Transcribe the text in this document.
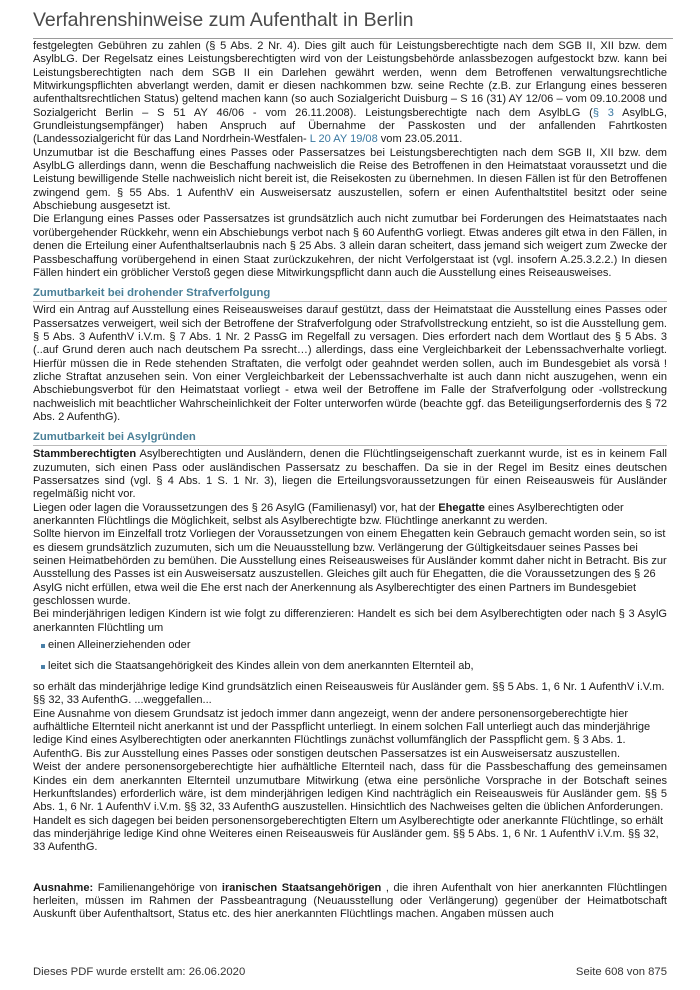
Verfahrenshinweise zum Aufenthalt in Berlin

festgelegten Gebühren zu zahlen (§ 5 Abs. 2 Nr. 4). Dies gilt auch für Leistungsberechtigte nach dem SGB II, XII bzw. dem AsylbLG. Der Regelsatz eines Leistungsberechtigten wird von der Leistungsbehörde anlassbezogen aufgestockt bzw. kann bei Leistungsberechtigten nach dem SGB II ein Darlehen gewährt werden, wenn dem Betroffenen verwaltungsrechtliche Mitwirkungspflichten abverlangt werden, damit er diesen nachkommen bzw. seine Rechte (z.B. zur Erlangung eines besseren aufenthaltsrechtlichen Status) geltend machen kann (so auch Sozialgericht Duisburg – S 16 (31) AY 12/06 – vom 09.10.2008 und Sozialgericht Berlin – S 51 AY 46/06 - vom 26.11.2008). Leistungsberechtigte nach dem AsylbLG (§ 3 AsylbLG, Grundleistungsempfänger) haben Anspruch auf Übernahme der Passkosten und der anfallenden Fahrtkosten (Landessozialgericht für das Land Nordrhein-Westfalen- L 20 AY 19/08 vom 23.05.2011.

Unzumutbar ist die Beschaffung eines Passes oder Passersatzes bei Leistungsberechtigten nach dem SGB II, XII bzw. dem AsylbLG allerdings dann, wenn die Beschaffung nachweislich die Reise des Betroffenen in den Heimatstaat voraussetzt und die Leistung bewilligende Stelle nachweislich nicht bereit ist, die Reisekosten zu übernehmen. In diesen Fällen ist für den Betroffenen zwingend gem. § 55 Abs. 1 AufenthV ein Ausweisersatz auszustellen, sofern er einen Aufenthaltstitel besitzt oder seine Abschiebung ausgesetzt ist.

Die Erlangung eines Passes oder Passersatzes ist grundsätzlich auch nicht zumutbar bei Forderungen des Heimatstaates nach vorübergehender Rückkehr, wenn ein Abschiebungs verbot nach § 60 AufenthG vorliegt. Etwas anderes gilt etwa in den Fällen, in denen die Erteilung einer Aufenthaltserlaubnis nach § 25 Abs. 3 allein daran scheitert, dass jemand sich weigert zum Zwecke der Passbeschaffung vorübergehend in einen Staat zurückzukehren, der nicht Verfolgerstaat ist (vgl. insofern A.25.3.2.2.) In diesen Fällen hindert ein gröblicher Verstoß gegen diese Mitwirkungspflicht dann auch die Ausstellung eines Reiseausweises.

Zumutbarkeit bei drohender Strafverfolgung

Wird ein Antrag auf Ausstellung eines Reiseausweises darauf gestützt, dass der Heimatstaat die Ausstellung eines Passes oder Passersatzes verweigert, weil sich der Betroffene der Strafverfolgung oder Strafvollstreckung entzieht, so ist die Ausstellung gem. § 5 Abs. 3 AufenthV i.V.m. § 7 Abs. 1 Nr. 2 PassG im Regelfall zu versagen. Dies erfordert nach dem Wortlaut des § 5 Abs. 3 (..auf Grund deren auch nach deutschem Pa ssrecht…) allerdings, dass eine Vergleichbarkeit der Lebenssachverhalte vorliegt. Hierfür müssen die in Rede stehenden Straftaten, die verfolgt oder geahndet werden sollen, auch im Bundesgebiet als vorsä ! zliche Straftat anzusehen sein. Von einer Vergleichbarkeit der Lebenssachverhalte ist auch dann nicht auszugehen, wenn ein Abschiebungsverbot für den Heimatstaat vorliegt - etwa weil der Betroffene im Falle der Strafverfolgung oder -vollstreckung nachweislich mit beachtlicher Wahrscheinlichkeit der Folter unterworfen würde (beachte ggf. das Beteiligungserfordernis des § 72 Abs. 2 AufenthG).

Zumutbarkeit bei Asylgründen

Stammberechtigten Asylberechtigten und Ausländern, denen die Flüchtlingseigenschaft zuerkannt wurde, ist es in keinem Fall zuzumuten, sich einen Pass oder ausländischen Passersatz zu beschaffen. Da sie in der Regel im Besitz eines deutschen Passersatzes sind (vgl. § 4 Abs. 1 S. 1 Nr. 3), liegen die Erteilungsvoraussetzungen für einen Reiseausweis für Ausländer regelmäßig nicht vor.

Liegen oder lagen die Voraussetzungen des § 26 AsylG (Familienasyl) vor, hat der Ehegatte eines Asylberechtigten oder anerkannten Flüchtlings die Möglichkeit, selbst als Asylberechtigte bzw. Flüchtlinge anerkannt zu werden.

Sollte hiervon im Einzelfall trotz Vorliegen der Voraussetzungen von einem Ehegatten kein Gebrauch gemacht worden sein, so ist es diesem grundsätzlich zuzumuten, sich um die Neuausstellung bzw. Verlängerung der Gültigkeitsdauer seines Passes bei seinen Heimatbehörden zu bemühen. Die Ausstellung eines Reiseausweises für Ausländer kommt daher nicht in Betracht. Bis zur Ausstellung des Passes ist ein Ausweisersatz auszustellen. Gleiches gilt auch für Ehegatten, die die Voraussetzungen des § 26 AsylG nicht erfüllen, etwa weil die Ehe erst nach der Anerkennung als Asylberechtigter des einen Partners im Bundesgebiet geschlossen wurde.

Bei minderjährigen ledigen Kindern ist wie folgt zu differenzieren: Handelt es sich bei dem Asylberechtigten oder nach § 3 AsylG anerkannten Flüchtling um

einen Alleinerziehenden oder
leitet sich die Staatsangehörigkeit des Kindes allein von dem anerkannten Elternteil ab,

so erhält das minderjährige ledige Kind grundsätzlich einen Reiseausweis für Ausländer gem. §§ 5 Abs. 1, 6 Nr. 1 AufenthV i.V.m. §§ 32, 33 AufenthG. ...weggefallen...

Eine Ausnahme von diesem Grundsatz ist jedoch immer dann angezeigt, wenn der andere personensorgeberechtigte hier aufhältliche Elternteil nicht anerkannt ist und der Passpflicht unterliegt. In einem solchen Fall unterliegt auch das minderjährige ledige Kind eines Asylberechtigten oder anerkannten Flüchtlings zunächst vollumfänglich der Passpflicht gem. § 3 Abs. 1. AufenthG. Bis zur Ausstellung eines Passes oder sonstigen deutschen Passersatzes ist ein Ausweisersatz auszustellen.

Weist der andere personensorgeberechtigte hier aufhältliche Elternteil nach, dass für die Passbeschaffung des gemeinsamen Kindes ein dem anerkannten Elternteil unzumutbare Mitwirkung (etwa eine persönliche Vorsprache in der Botschaft seines Herkunftslandes) erforderlich wäre, ist dem minderjährigen ledigen Kind nachträglich ein Reiseausweis für Ausländer gem. §§ 5 Abs. 1, 6 Nr. 1 AufenthV i.V.m. §§ 32, 33 AufenthG auszustellen. Hinsichtlich des Nachweises gelten die üblichen Anforderungen.

Handelt es sich dagegen bei beiden personensorgeberechtigten Eltern um Asylberechtigte oder anerkannte Flüchtlinge, so erhält das minderjährige ledige Kind ohne Weiteres einen Reiseausweis für Ausländer gem. §§ 5 Abs. 1, 6 Nr. 1 AufenthV i.V.m. §§ 32, 33 AufenthG.

Ausnahme: Familienangehörige von iranischen Staatsangehörigen , die ihren Aufenthalt von hier anerkannten Flüchtlingen herleiten, müssen im Rahmen der Passbeantragung (Neuausstellung oder Verlängerung) gegenüber der Heimatbotschaft Auskunft über Aufenthaltsort, Status etc. des hier anerkannten Flüchtlings machen. Angaben müssen auch

Dieses PDF wurde erstellt am: 26.06.2020	Seite 608 von 875
